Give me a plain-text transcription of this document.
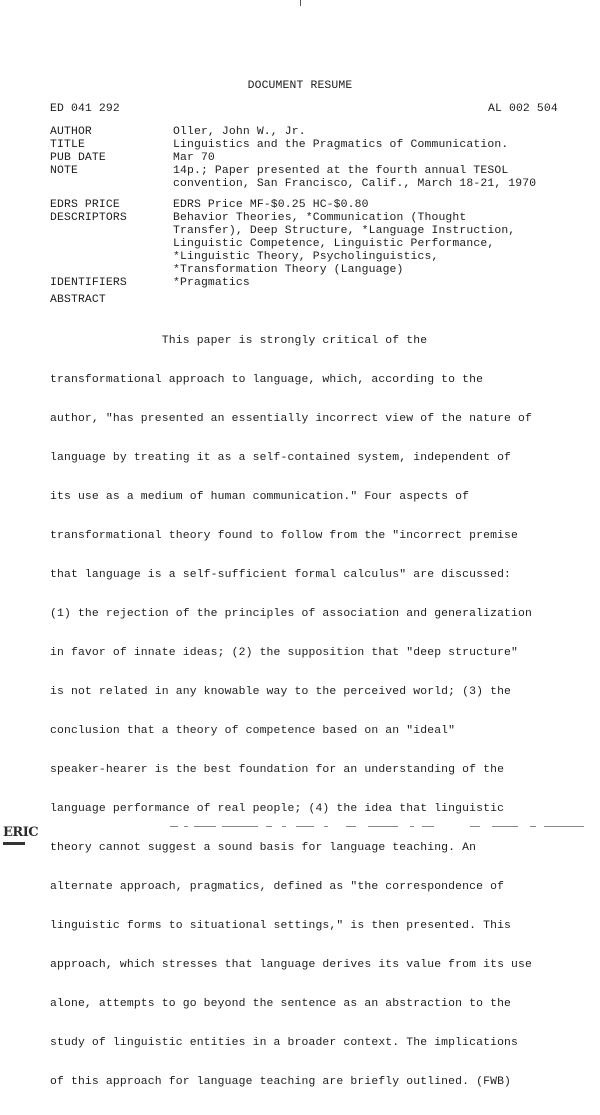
DOCUMENT RESUME
ED 041 292	AL 002 504
AUTHOR	Oller, John W., Jr.
TITLE	Linguistics and the Pragmatics of Communication.
PUB DATE	Mar 70
NOTE	14p.; Paper presented at the fourth annual TESOL
convention, San Francisco, Calif., March 18-21, 1970
EDRS PRICE	EDRS Price MF-$0.25 HC-$0.80
DESCRIPTORS	Behavior Theories, *Communication (Thought
Transfer), Deep Structure, *Language Instruction,
Linguistic Competence, Linguistic Performance,
*Linguistic Theory, Psycholinguistics,
*Transformation Theory (Language)
IDENTIFIERS	*Pragmatics
ABSTRACT

This paper is strongly critical of the

transformational approach to language, which, according to the

author, "has presented an essentially incorrect view of the nature of

language by treating it as a self-contained system, independent of

its use as a medium of human communication." Four aspects of

transformational theory found to follow from the "incorrect premise

that language is a self-sufficient formal calculus" are discussed:

(1) the rejection of the principles of association and generalization

in favor of innate ideas; (2) the supposition that "deep structure"

is not related in any knowable way to the perceived world; (3) the

conclusion that a theory of competence based on an "ideal"

speaker-hearer is the best foundation for an understanding of the

language performance of real people; (4) the idea that linguistic

theory cannot suggest a sound basis for language teaching. An

alternate approach, pragmatics, defined as "the correspondence of

linguistic forms to situational settings," is then presented. This

approach, which stresses that language derives its value from its use

alone, attempts to go beyond the sentence as an abstraction to the

study of linguistic entities in a broader context. The implications

of this approach for language teaching are briefly outlined. (FWB)

ERIC
